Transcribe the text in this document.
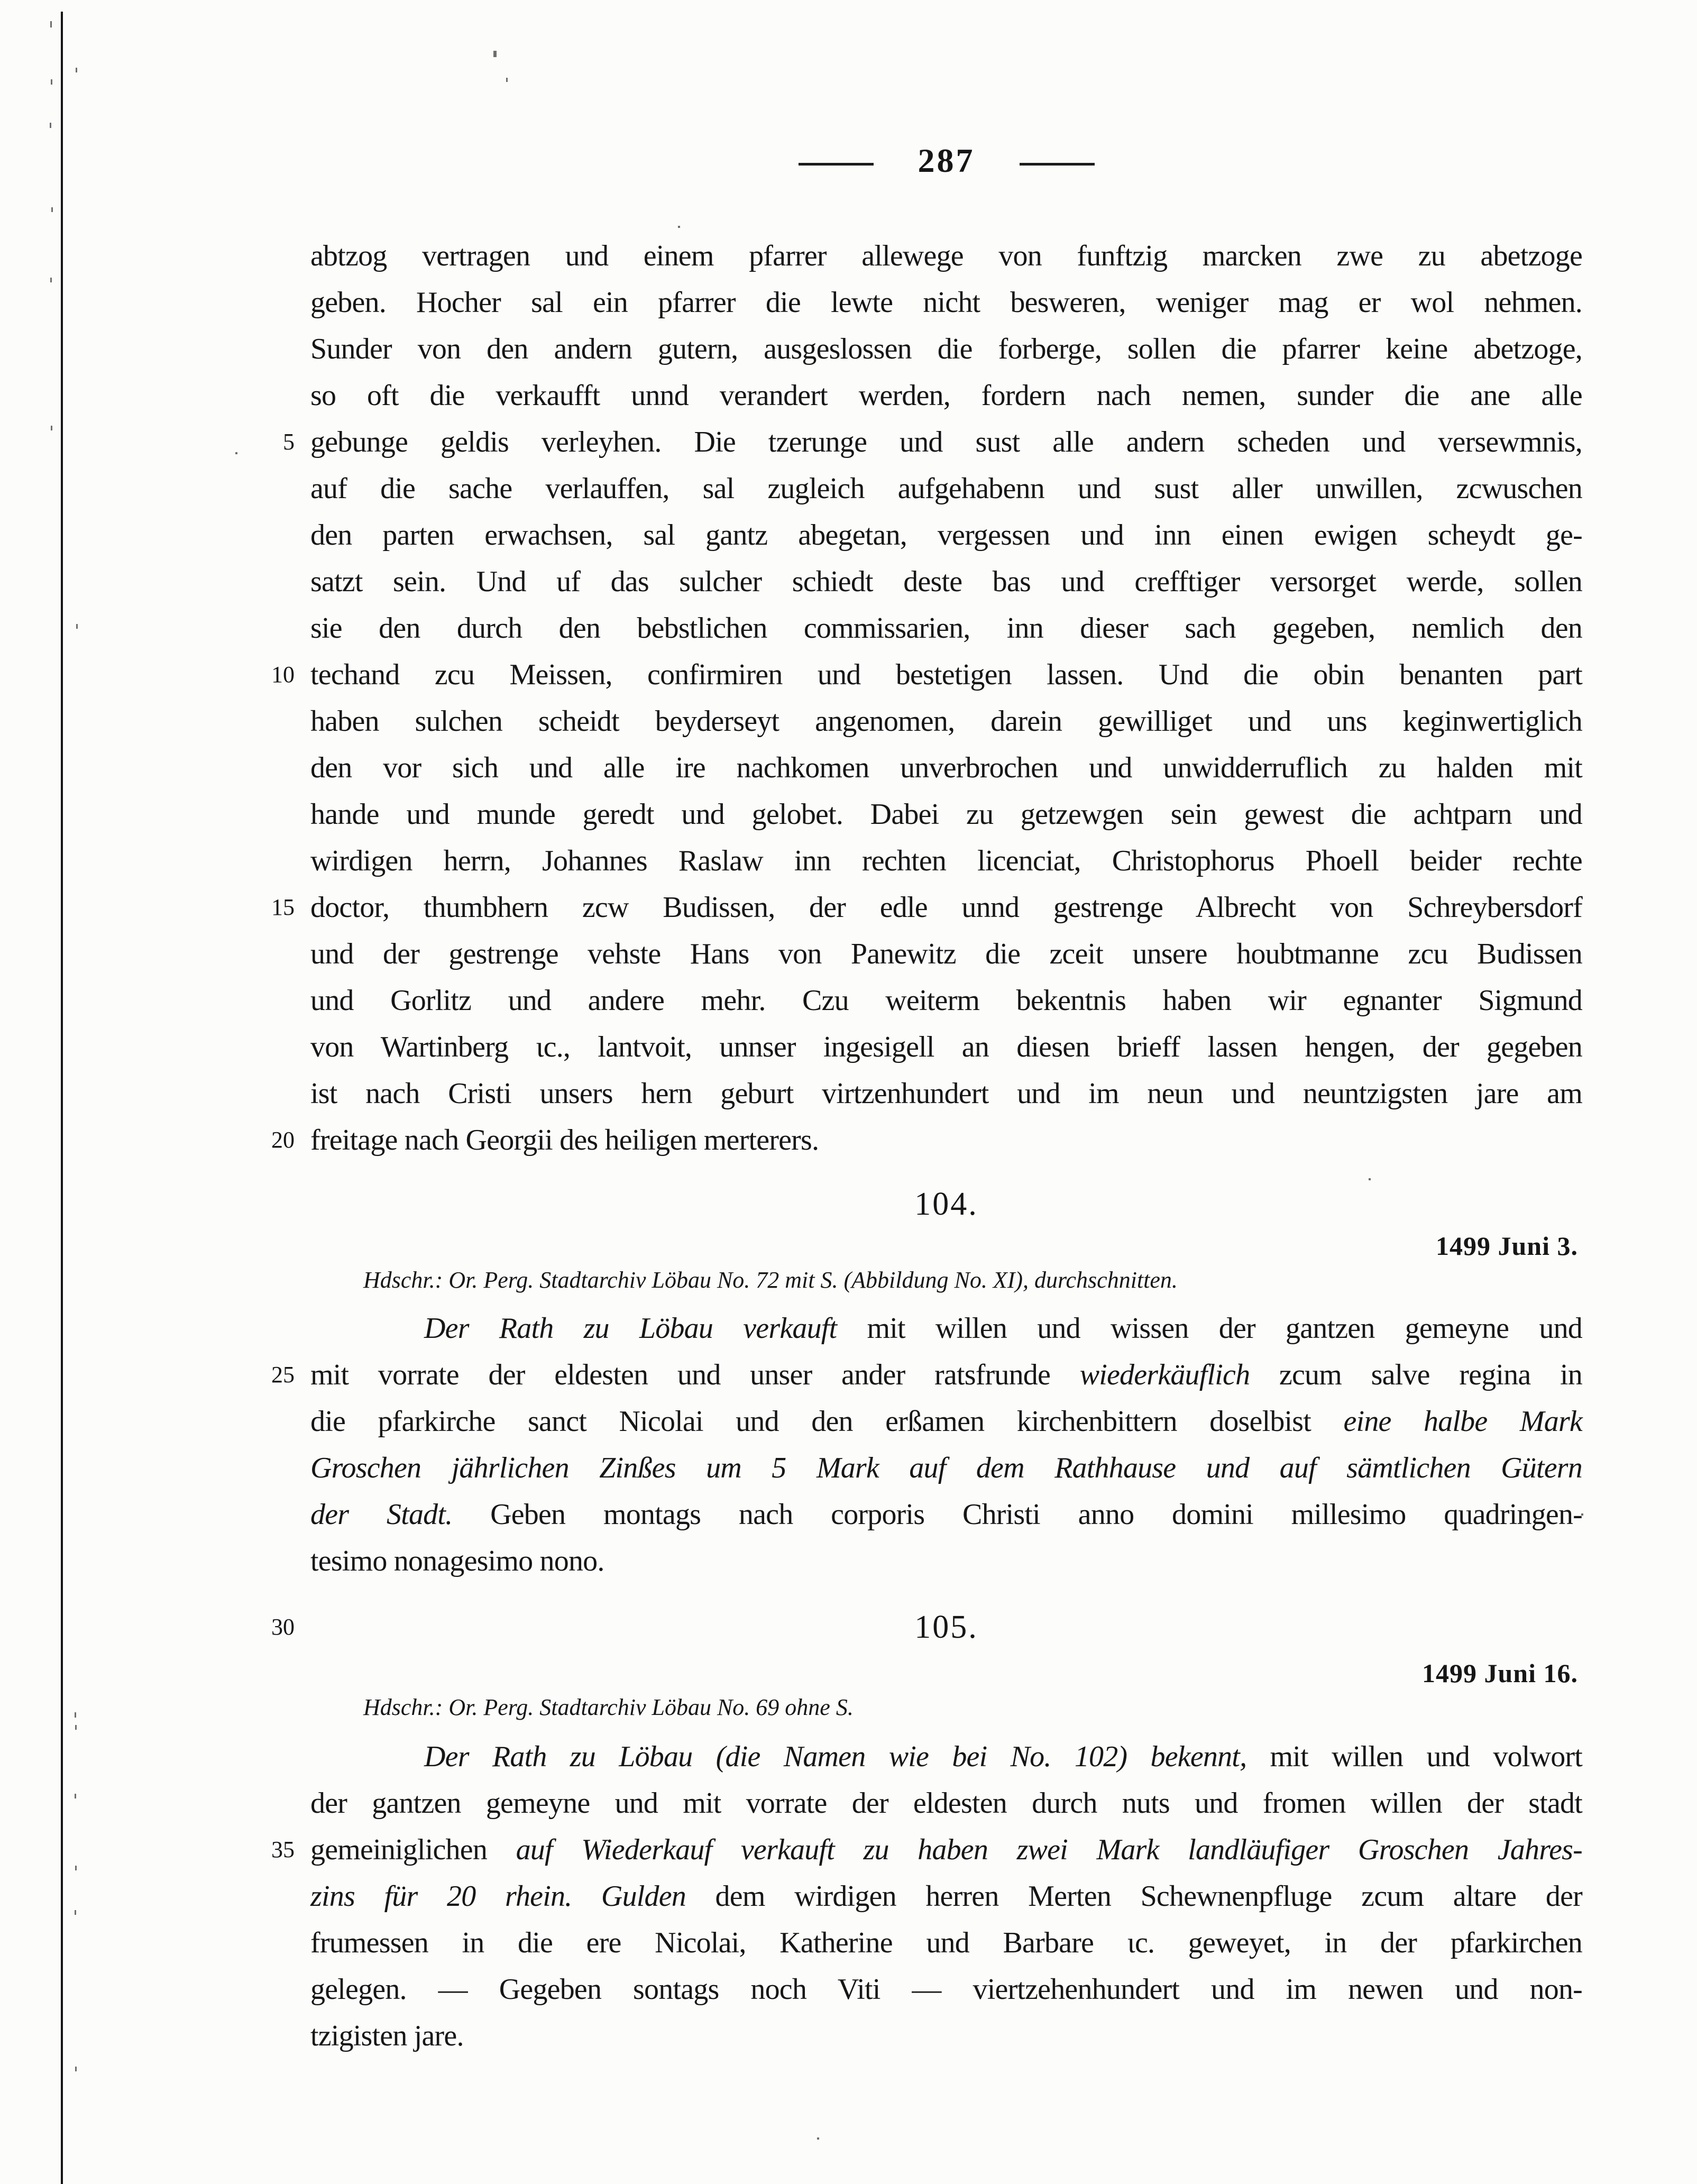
287
abtzog vertragen und einem pfarrer allewege von funftzig marcken zwe zu abetzoge
geben. Hocher sal ein pfarrer die lewte nicht besweren, weniger mag er wol nehmen.
Sunder von den andern gutern, ausgeslossen die forberge, sollen die pfarrer keine abetzoge,
so oft die verkaufft unnd verandert werden, fordern nach nemen, sunder die ane alle
5 gebunge geldis verleyhen. Die tzerunge und sust alle andern scheden und versewmnis,
auf die sache verlauffen, sal zugleich aufgehabenn und sust aller unwillen, zcwuschen
den parten erwachsen, sal gantz abegetan, vergessen und inn einen ewigen scheydt ge-
satzt sein. Und uf das sulcher schiedt deste bas und crefftiger versorget werde, sollen
sie den durch den bebstlichen commissarien, inn dieser sach gegeben, nemlich den
10 techand zcu Meissen, confirmiren und bestetigen lassen. Und die obin benanten part
haben sulchen scheidt beyderseyt angenomen, darein gewilliget und uns keginwertiglich
den vor sich und alle ire nachkomen unverbrochen und unwidderruflich zu halden mit
hande und munde geredt und gelobet. Dabei zu getzewgen sein gewest die achtparn und
wirdigen herrn, Johannes Raslaw inn rechten licenciat, Christophorus Phoell beider rechte
15 doctor, thumbhern zcw Budissen, der edle unnd gestrenge Albrecht von Schreybersdorf
und der gestrenge vehste Hans von Panewitz die zceit unsere houbtmanne zcu Budissen
und Gorlitz und andere mehr. Czu weiterm bekentnis haben wir egnanter Sigmund
von Wartinberg ɩc., lantvoit, unnser ingesigell an diesen brieff lassen hengen, der gegeben
ist nach Cristi unsers hern geburt virtzenhundert und im neun und neuntzigsten jare am
20 freitage nach Georgii des heiligen merterers.
104.
1499 Juni 3.
Hdschr.: Or. Perg. Stadtarchiv Löbau No. 72 mit S. (Abbildung No. XI), durchschnitten.
Der Rath zu Löbau verkauft mit willen und wissen der gantzen gemeyne und
25 mit vorrate der eldesten und unser ander ratsfrunde wiederkäuflich zcum salve regina in
die pfarkirche sanct Nicolai und den erßamen kirchenbittern doselbist eine halbe Mark
Groschen jährlichen Zinßes um 5 Mark auf dem Rathhause und auf sämtlichen Gütern
der Stadt. Geben montags nach corporis Christi anno domini millesimo quadringen-
tesimo nonagesimo nono.
30	105.
1499 Juni 16.
Hdschr.: Or. Perg. Stadtarchiv Löbau No. 69 ohne S.
Der Rath zu Löbau (die Namen wie bei No. 102) bekennt, mit willen und volwort
der gantzen gemeyne und mit vorrate der eldesten durch nuts und fromen willen der stadt
35 gemeiniglichen auf Wiederkauf verkauft zu haben zwei Mark landläufiger Groschen Jahres-
zins für 20 rhein. Gulden dem wirdigen herren Merten Schewnenpfluge zcum altare der
frumessen in die ere Nicolai, Katherine und Barbare ɩc. geweyet, in der pfarkirchen
gelegen. — Gegeben sontags noch Viti — viertzehenhundert und im newen und non-
tzigisten jare.
